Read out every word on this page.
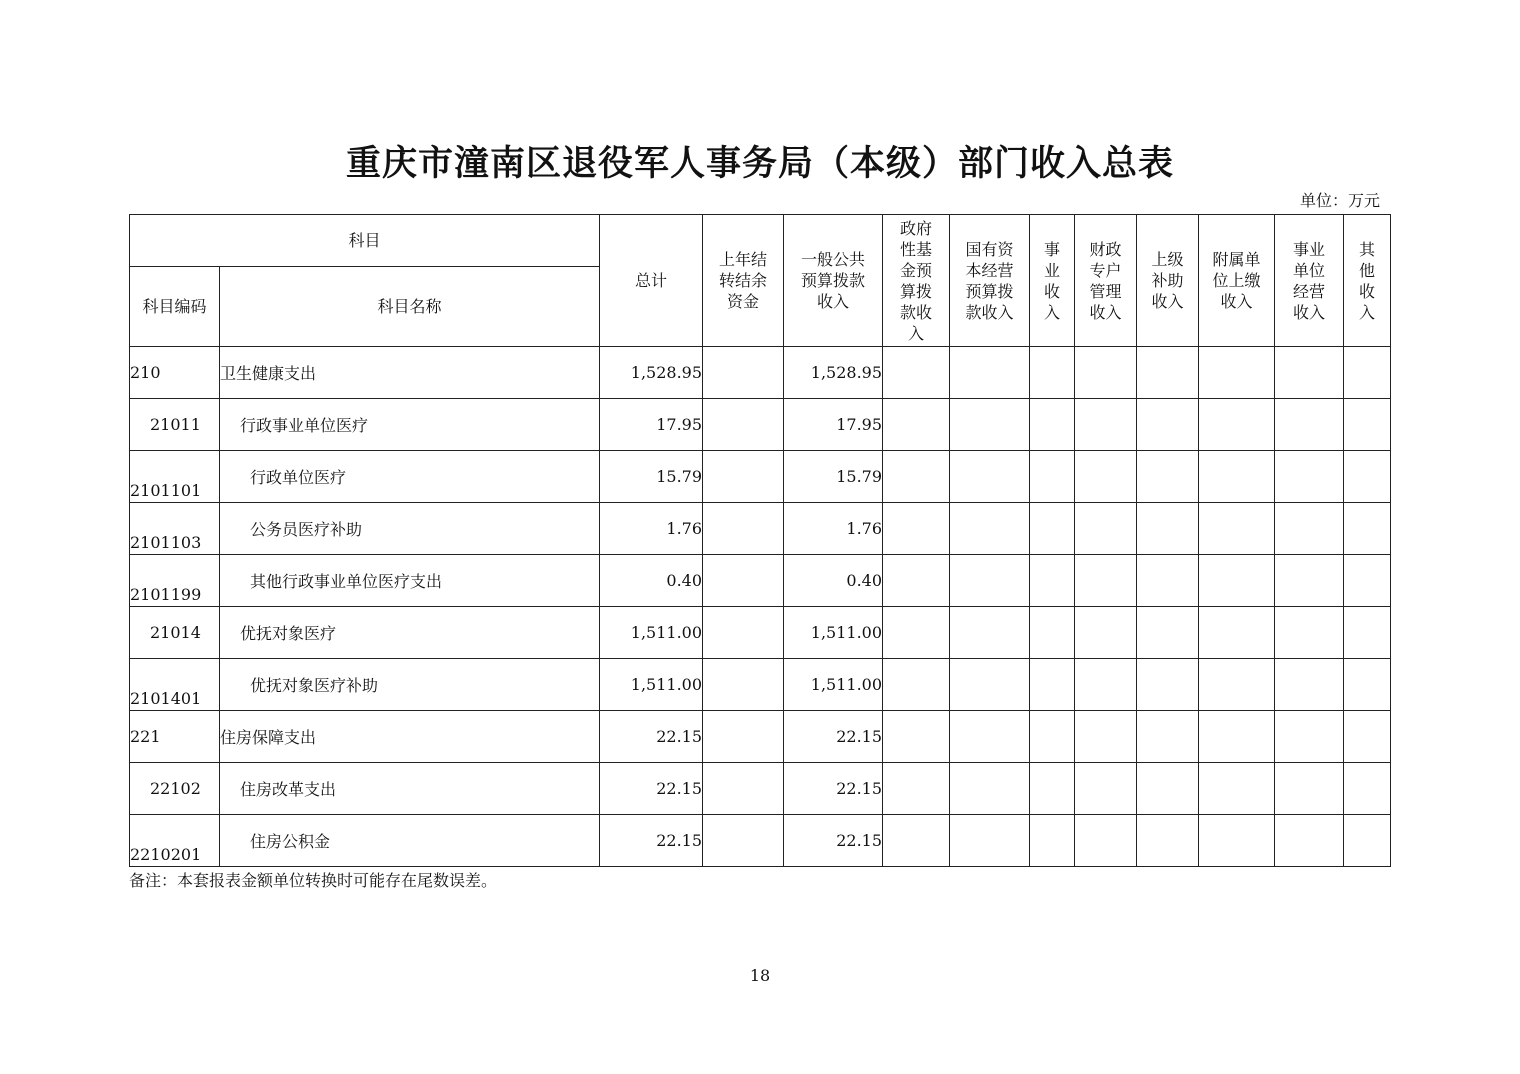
重庆市潼南区退役军人事务局（本级）部门收入总表
单位：万元
科目		总计	上年结转结余资金	一般公共预算拨款收入	政府性基金预算拨款收入	国有资本经营预算拨款收入	事业收入	财政专户管理收入	上级补助收入	附属单位上缴收入	事业单位经营收入	其他收入

科目编码	科目名称											
210	卫生健康支出	1,528.95		1,528.95								
21011	行政事业单位医疗	17.95		17.95								
2101101	行政单位医疗	15.79		15.79								
2101103	公务员医疗补助	1.76		1.76								
2101199	其他行政事业单位医疗支出	0.40		0.40								
21014	优抚对象医疗	1,511.00		1,511.00								
2101401	优抚对象医疗补助	1,511.00		1,511.00								
221	住房保障支出	22.15		22.15								
22102	住房改革支出	22.15		22.15								
2210201	住房公积金	22.15		22.15								
备注：本套报表金额单位转换时可能存在尾数误差。
18
